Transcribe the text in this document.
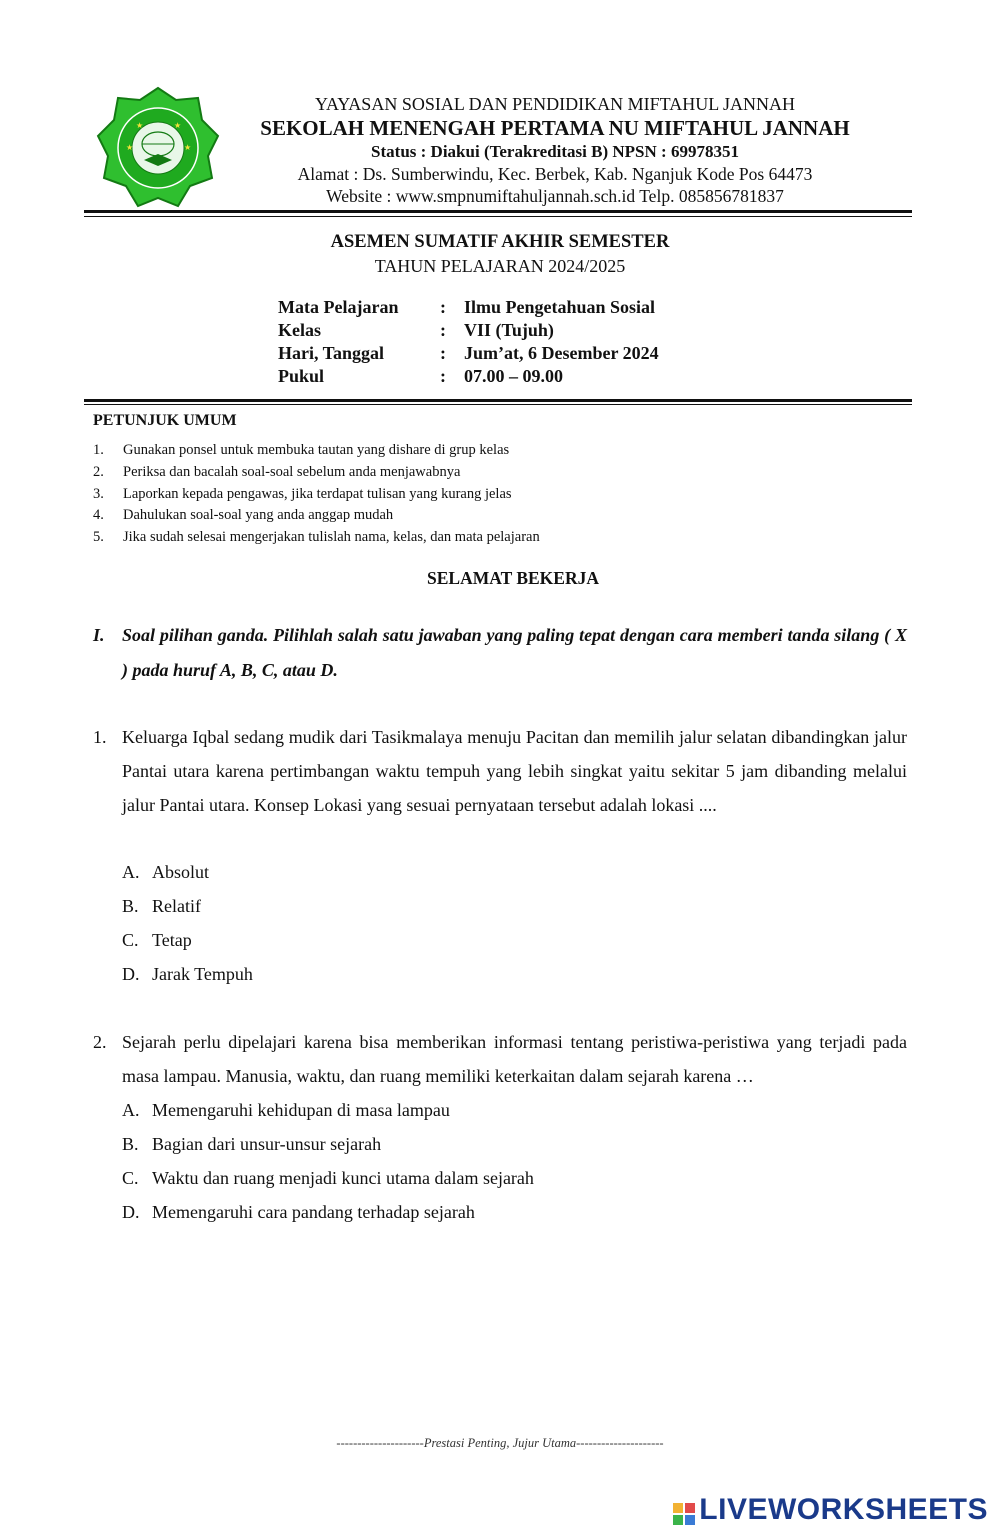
★	★
★	★
YAYASAN SOSIAL DAN PENDIDIKAN MIFTAHUL JANNAH
SEKOLAH MENENGAH PERTAMA NU MIFTAHUL JANNAH
Status : Diakui (Terakreditasi B) NPSN : 69978351
Alamat : Ds. Sumberwindu, Kec. Berbek, Kab. Nganjuk Kode Pos 64473
Website : www.smpnumiftahuljannah.sch.id Telp. 085856781837
ASEMEN SUMATIF AKHIR SEMESTER
TAHUN PELAJARAN 2024/2025
Mata Pelajaran : Ilmu Pengetahuan Sosial
Kelas	: VII (Tujuh)
Hari, Tanggal	: Jum’at, 6 Desember 2024
Pukul	: 07.00 – 09.00
PETUNJUK UMUM
1. Gunakan ponsel untuk membuka tautan yang dishare di grup kelas
2. Periksa dan bacalah soal-soal sebelum anda menjawabnya
3. Laporkan kepada pengawas, jika terdapat tulisan yang kurang jelas
4. Dahulukan soal-soal yang anda anggap mudah
5. Jika sudah selesai mengerjakan tulislah nama, kelas, dan mata pelajaran
SELAMAT BEKERJA
I. Soal pilihan ganda. Pilihlah salah satu jawaban yang paling tepat dengan cara memberi tanda silang ( X ) pada huruf A, B, C, atau D.
1. Keluarga Iqbal sedang mudik dari Tasikmalaya menuju Pacitan dan memilih jalur selatan dibandingkan jalur Pantai utara karena pertimbangan waktu tempuh yang lebih singkat yaitu sekitar 5 jam dibanding melalui jalur Pantai utara. Konsep Lokasi yang sesuai pernyataan tersebut adalah lokasi ....
A. Absolut
B. Relatif
C. Tetap
D. Jarak Tempuh
2. Sejarah perlu dipelajari karena bisa memberikan informasi tentang peristiwa-peristiwa yang terjadi pada masa lampau. Manusia, waktu, dan ruang memiliki keterkaitan dalam sejarah karena …
A. Memengaruhi kehidupan di masa lampau
B. Bagian dari unsur-unsur sejarah
C. Waktu dan ruang menjadi kunci utama dalam sejarah
D. Memengaruhi cara pandang terhadap sejarah
---------------------Prestasi Penting, Jujur Utama---------------------
LIVEWORKSHEETS
